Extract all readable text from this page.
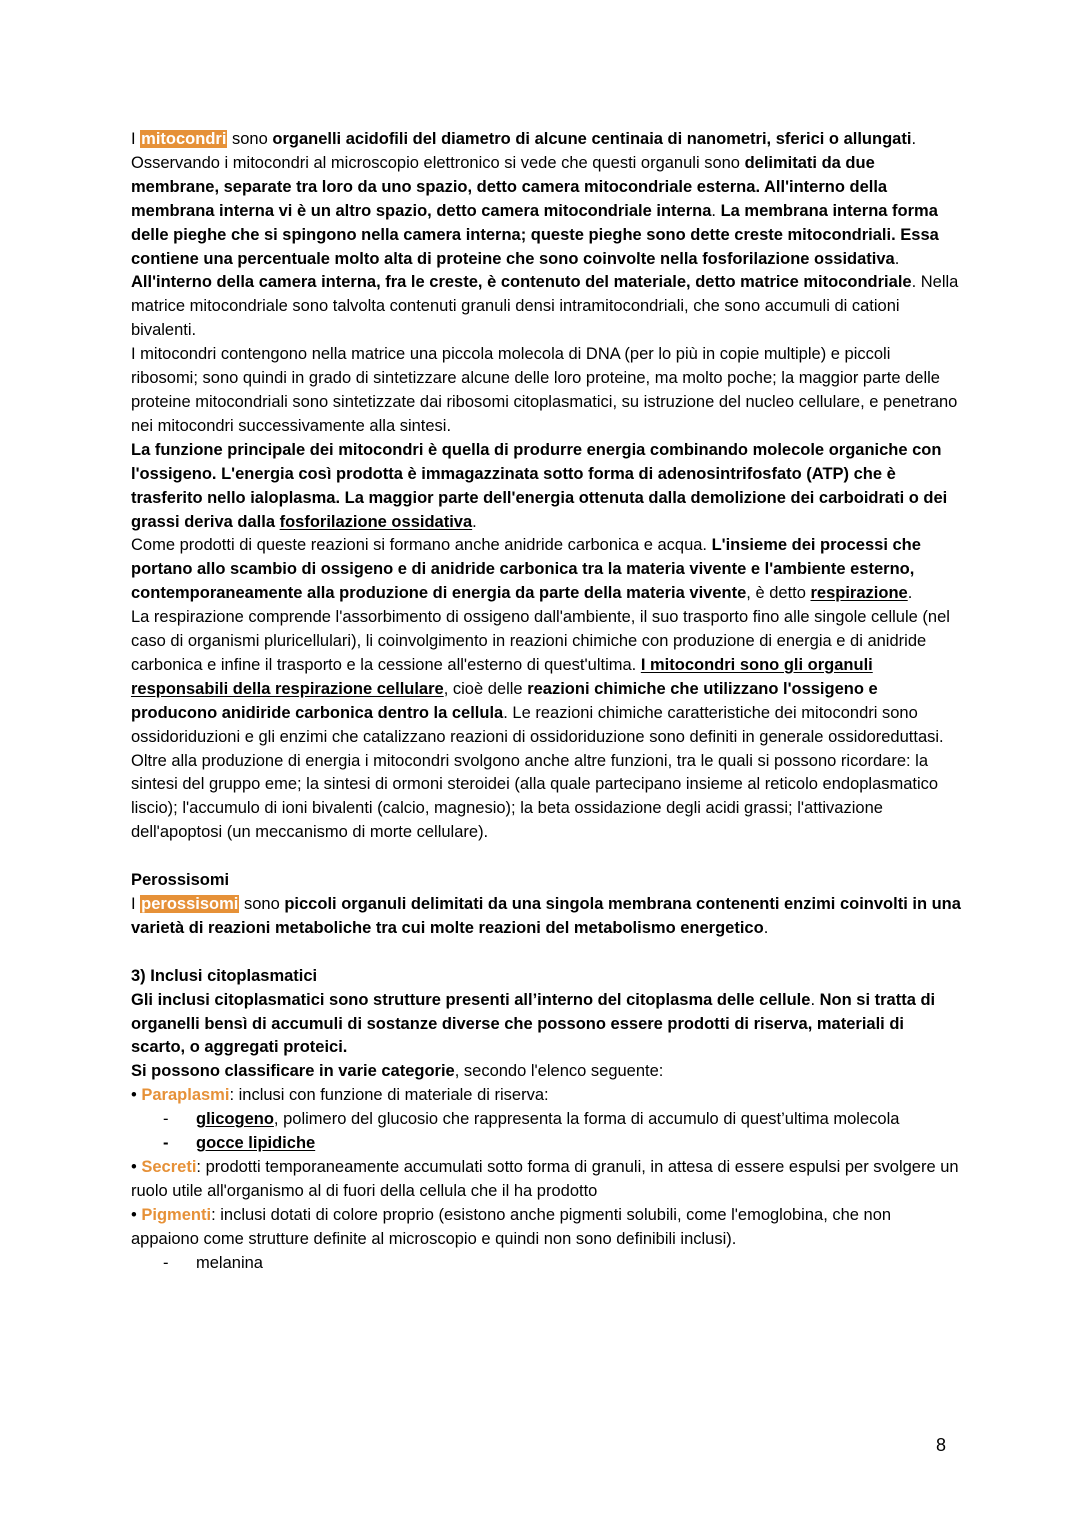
I mitocondri sono organelli acidofili del diametro di alcune centinaia di nanometri, sferici o allungati. Osservando i mitocondri al microscopio elettronico si vede che questi organuli sono delimitati da due membrane, separate tra loro da uno spazio, detto camera mitocondriale esterna. All'interno della membrana interna vi è un altro spazio, detto camera mitocondriale interna. La membrana interna forma delle pieghe che si spingono nella camera interna; queste pieghe sono dette creste mitocondriali. Essa contiene una percentuale molto alta di proteine che sono coinvolte nella fosforilazione ossidativa. All'interno della camera interna, fra le creste, è contenuto del materiale, detto matrice mitocondriale. Nella matrice mitocondriale sono talvolta contenuti granuli densi intramitocondriali, che sono accumuli di cationi bivalenti.

I mitocondri contengono nella matrice una piccola molecola di DNA (per lo più in copie multiple) e piccoli ribosomi; sono quindi in grado di sintetizzare alcune delle loro proteine, ma molto poche; la maggior parte delle proteine mitocondriali sono sintetizzate dai ribosomi citoplasmatici, su istruzione del nucleo cellulare, e penetrano nei mitocondri successivamente alla sintesi.

La funzione principale dei mitocondri è quella di produrre energia combinando molecole organiche con l'ossigeno. L'energia così prodotta è immagazzinata sotto forma di adenosintrifosfato (ATP) che è trasferito nello ialoplasma. La maggior parte dell'energia ottenuta dalla demolizione dei carboidrati o dei grassi deriva dalla fosforilazione ossidativa.

Come prodotti di queste reazioni si formano anche anidride carbonica e acqua. L'insieme dei processi che portano allo scambio di ossigeno e di anidride carbonica tra la materia vivente e l'ambiente esterno, contemporaneamente alla produzione di energia da parte della materia vivente, è detto respirazione.

La respirazione comprende l'assorbimento di ossigeno dall'ambiente, il suo trasporto fino alle singole cellule (nel caso di organismi pluricellulari), li coinvolgimento in reazioni chimiche con produzione di energia e di anidride carbonica e infine il trasporto e la cessione all'esterno di quest'ultima. I mitocondri sono gli organuli responsabili della respirazione cellulare, cioè delle reazioni chimiche che utilizzano l'ossigeno e producono anidiride carbonica dentro la cellula. Le reazioni chimiche caratteristiche dei mitocondri sono ossidoriduzioni e gli enzimi che catalizzano reazioni di ossidoriduzione sono definiti in generale ossidoreduttasi.

Oltre alla produzione di energia i mitocondri svolgono anche altre funzioni, tra le quali si possono ricordare: la sintesi del gruppo eme; la sintesi di ormoni steroidei (alla quale partecipano insieme al reticolo endoplasmatico liscio); l'accumulo di ioni bivalenti (calcio, magnesio); la beta ossidazione degli acidi grassi; l'attivazione dell'apoptosi (un meccanismo di morte cellulare).

Perossisomi

I perossisomi sono piccoli organuli delimitati da una singola membrana contenenti enzimi coinvolti in una varietà di reazioni metaboliche tra cui molte reazioni del metabolismo energetico.

3) Inclusi citoplasmatici

Gli inclusi citoplasmatici sono strutture presenti all’interno del citoplasma delle cellule. Non si tratta di organelli bensì di accumuli di sostanze diverse che possono essere prodotti di riserva, materiali di scarto, o aggregati proteici.

Si possono classificare in varie categorie, secondo l'elenco seguente:

• Paraplasmi: inclusi con funzione di materiale di riserva:

-	glicogeno, polimero del glucosio che rappresenta la forma di accumulo di quest’ultima molecola
-	gocce lipidiche

• Secreti: prodotti temporaneamente accumulati sotto forma di granuli, in attesa di essere espulsi per svolgere un ruolo utile all'organismo al di fuori della cellula che il ha prodotto

• Pigmenti: inclusi dotati di colore proprio (esistono anche pigmenti solubili, come l'emoglobina, che non appaiono come strutture definite al microscopio e quindi non sono definibili inclusi).

-	melanina
8
